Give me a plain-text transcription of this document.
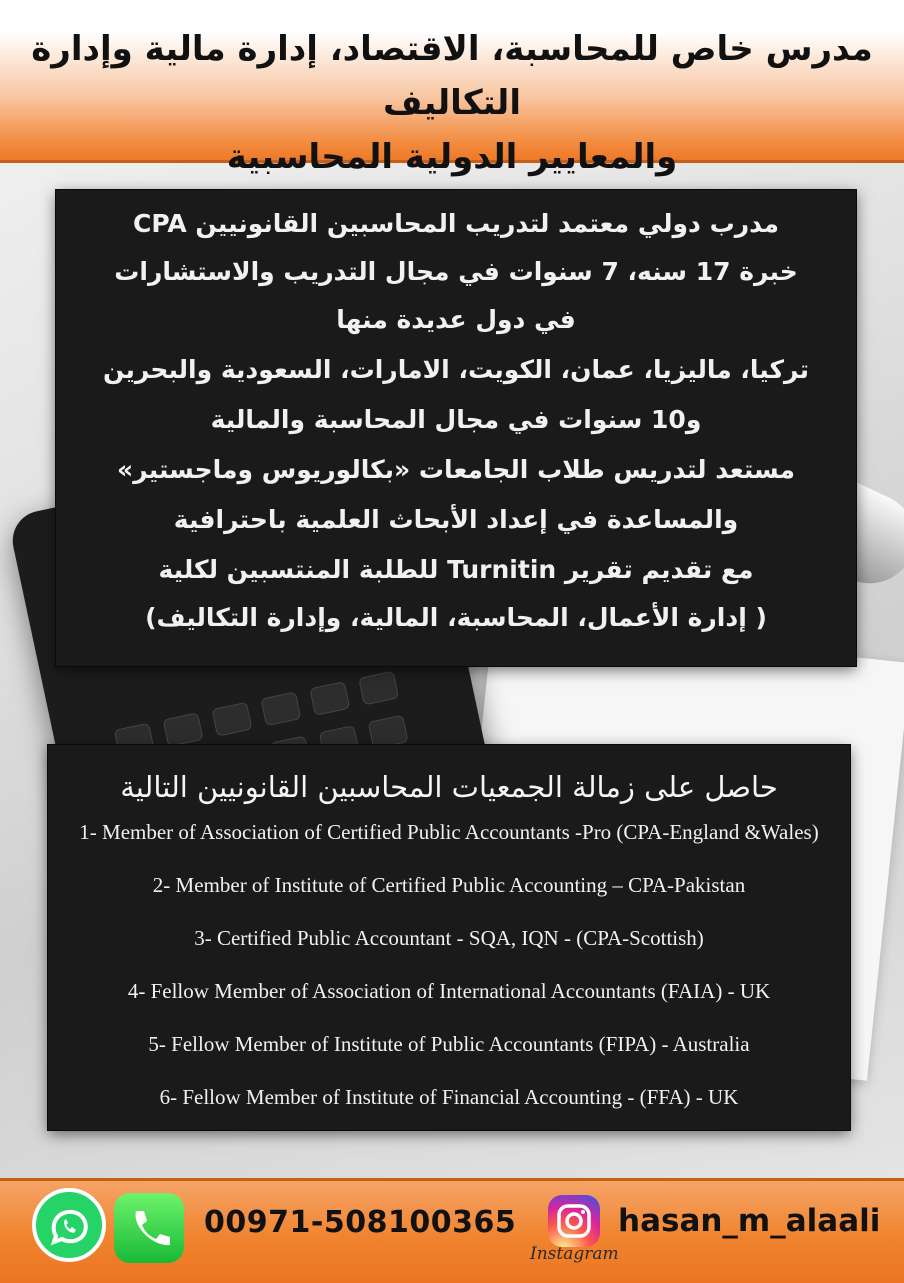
مدرس خاص للمحاسبة، الاقتصاد، إدارة مالية وإدارة التكاليف
والمعايير الدولية المحاسبية
مدرب دولي معتمد لتدريب المحاسبين القانونيين CPA
خبرة 17 سنه، 7 سنوات في مجال التدريب والاستشارات
في دول عديدة منها
تركيا، ماليزيا، عمان، الكويت، الامارات، السعودية والبحرين
و10 سنوات في مجال المحاسبة والمالية
مستعد لتدريس طلاب الجامعات «بكالوريوس وماجستير»
والمساعدة في إعداد الأبحاث العلمية باحترافية
مع تقديم تقرير Turnitin للطلبة المنتسبين لكلية
( إدارة الأعمال، المحاسبة، المالية، وإدارة التكاليف)
حاصل على زمالة الجمعيات المحاسبين القانونيين التالية
1- Member of Association of Certified Public Accountants -Pro (CPA-England &Wales)
2- Member of Institute of Certified Public Accounting – CPA-Pakistan
3- Certified Public Accountant - SQA, IQN - (CPA-Scottish)
4- Fellow Member of Association of International Accountants (FAIA) - UK
5- Fellow Member of Institute of Public Accountants (FIPA) - Australia
6- Fellow Member of Institute of Financial Accounting - (FFA) - UK
00971-508100365
Instagram
hasan_m_alaali
